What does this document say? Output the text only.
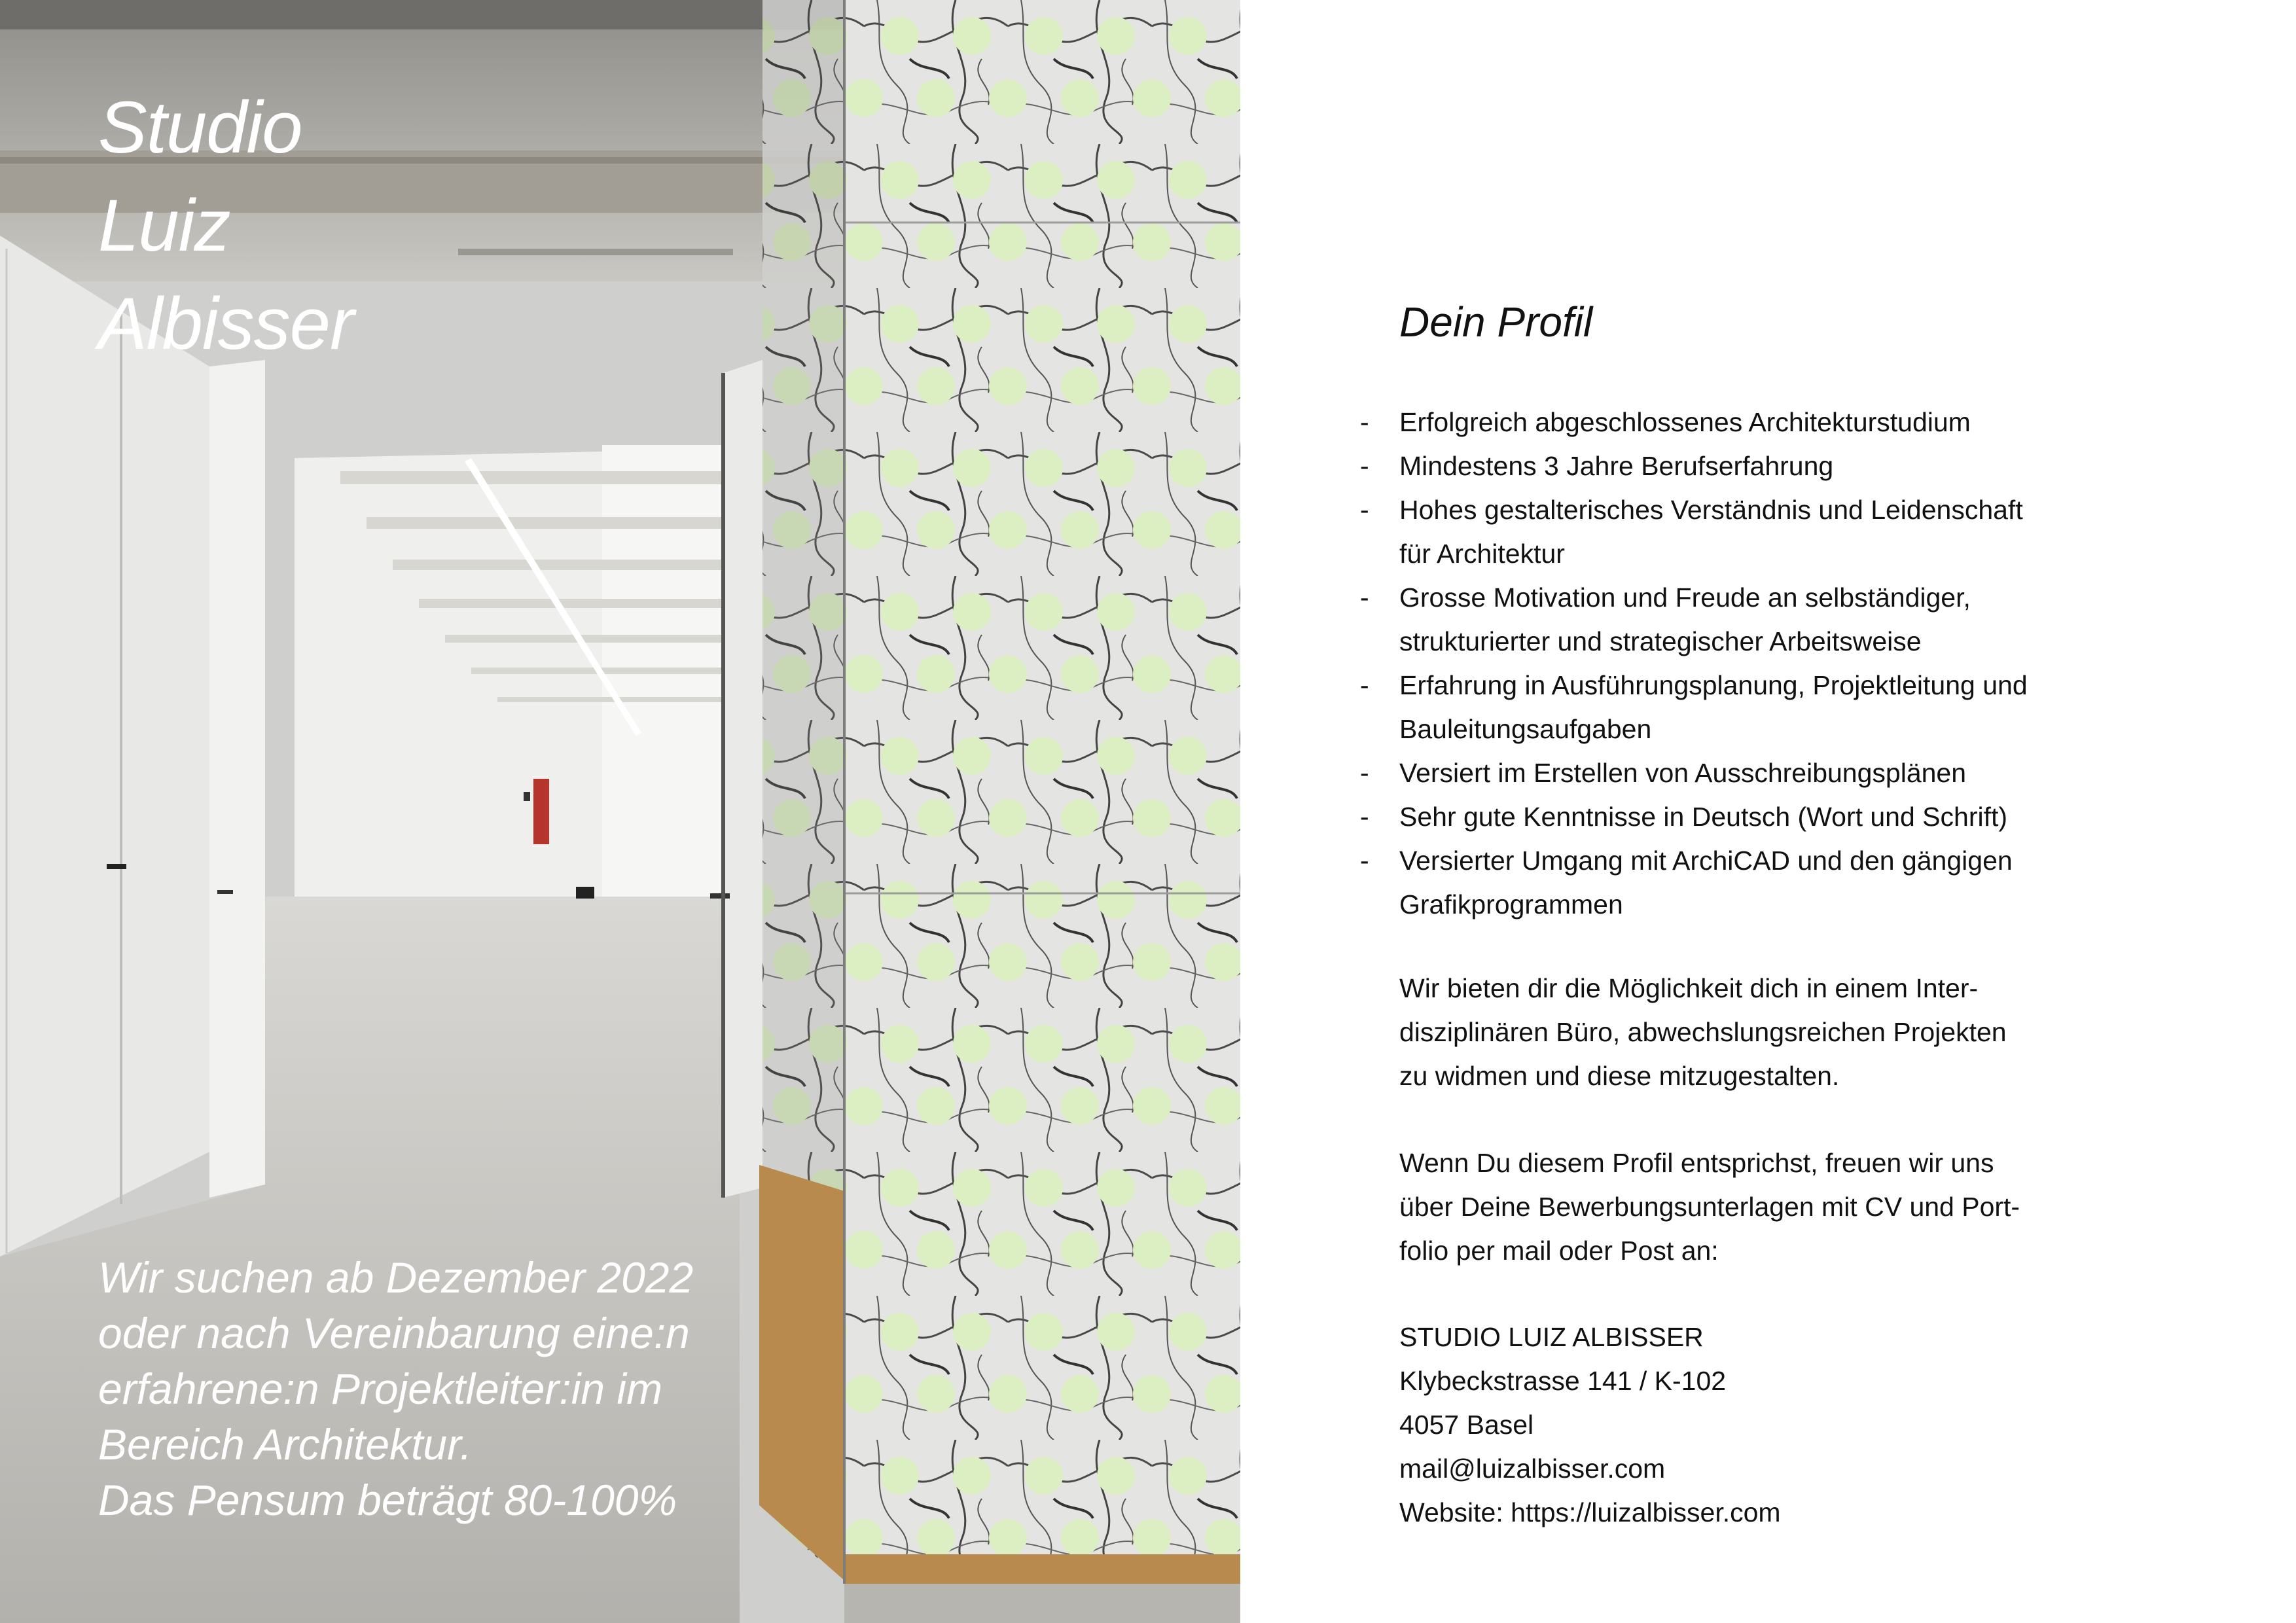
Studio
Luiz
Albisser

Wir suchen ab Dezember 2022
oder nach Vereinbarung eine:n
erfahrene:n Projektleiter:in im
Bereich Architektur.
Das Pensum beträgt 80-100%

Dein Profil
- Erfolgreich abgeschlossenes Architekturstudium
- Mindestens 3 Jahre Berufserfahrung
- Hohes gestalterisches Verständnis und Leidenschaft
für Architektur
- Grosse Motivation und Freude an selbständiger,
strukturierter und strategischer Arbeitsweise
- Erfahrung in Ausführungsplanung, Projektleitung und
Bauleitungsaufgaben
- Versiert im Erstellen von Ausschreibungsplänen
- Sehr gute Kenntnisse in Deutsch (Wort und Schrift)
- Versierter Umgang mit ArchiCAD und den gängigen
Grafikprogrammen

Wir bieten dir die Möglichkeit dich in einem Inter-
disziplinären Büro, abwechslungsreichen Projekten
zu widmen und diese mitzugestalten.

Wenn Du diesem Profil entsprichst, freuen wir uns
über Deine Bewerbungsunterlagen mit CV und Port-
folio per mail oder Post an:

STUDIO LUIZ ALBISSER
Klybeckstrasse 141 / K-102
4057 Basel
mail@luizalbisser.com
Website: https://luizalbisser.com
